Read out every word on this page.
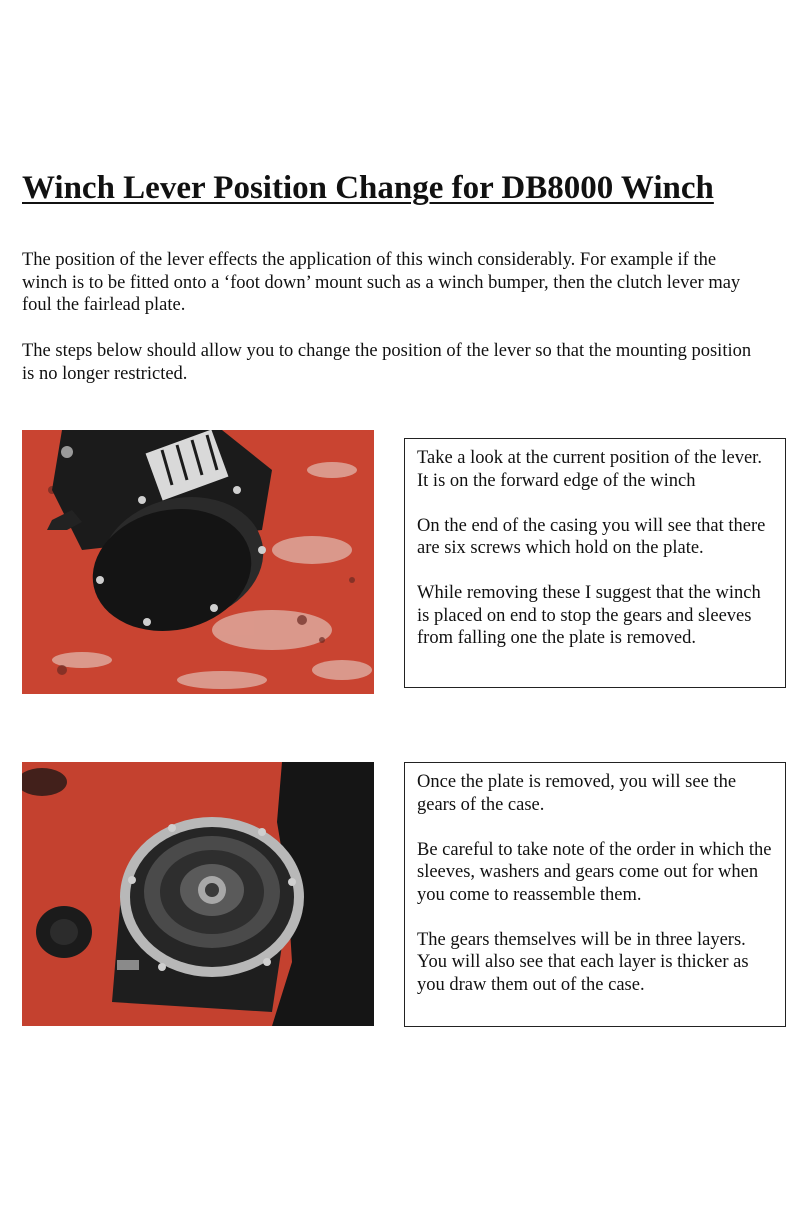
Winch Lever Position Change for DB8000 Winch

The position of the lever effects the application of this winch considerably. For example if the winch is to be fitted onto a ‘foot down’ mount such as a winch bumper, then the clutch lever may foul the fairlead plate.

The steps below should allow you to change the position of the lever so that the mounting position is no longer restricted.

Take a look at the current position of the lever. It is on the forward edge of the winch

On the end of the casing you will see that there are six screws which hold on the plate.

While removing these I suggest that the winch is placed on end to stop the gears and sleeves from falling one the plate is removed.

Once the plate is removed, you will see the gears of the case.

Be careful to take note of the order in which the sleeves, washers and gears come out for when you come to reassemble them.

The gears themselves will be in three layers. You will also see that each layer is thicker as you draw them out of the case.
